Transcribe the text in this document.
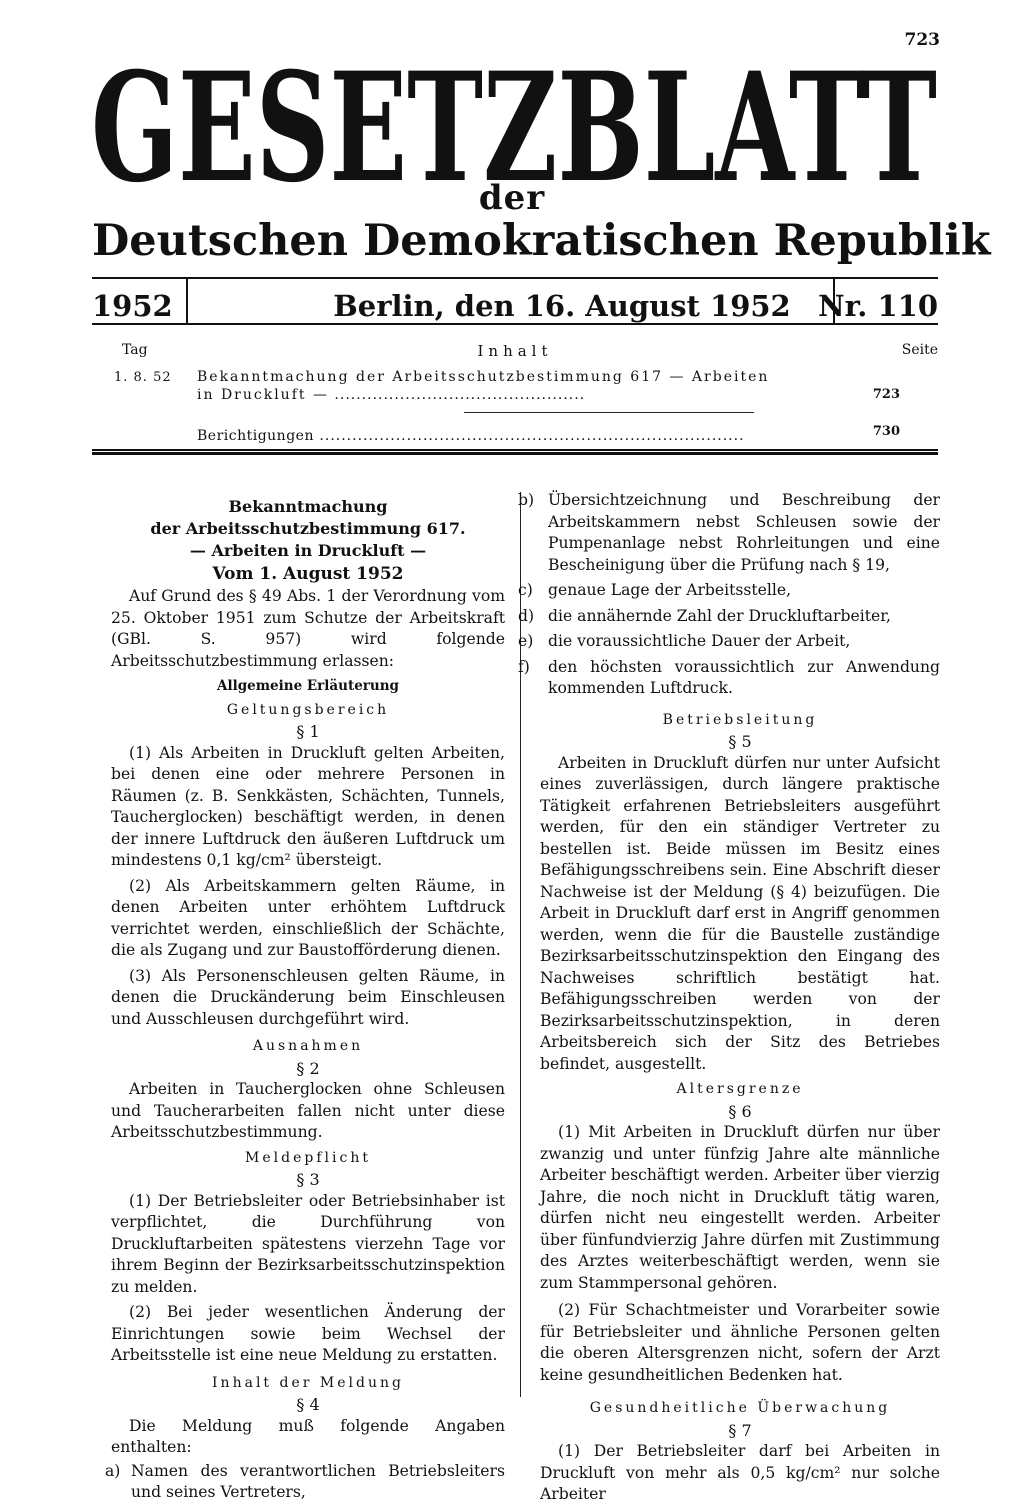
723
GESETZBLATT
der
Deutschen Demokratischen Republik
1952	Berlin, den 16. August 1952 Nr. 110
Tag	Inhalt	Seite
1. 8. 52 Bekanntmachung der Arbeitsschutzbestimmung 617 — Arbeiten
in Druckluft — ..............................................	723
Berichtigungen ..............................................................................	730
Bekanntmachung
der Arbeitsschutzbestimmung 617.
— Arbeiten in Druckluft —
Vom 1. August 1952

Auf Grund des § 49 Abs. 1 der Verordnung vom 25. Oktober 1951 zum Schutze der Arbeitskraft (GBl. S. 957) wird folgende Arbeitsschutzbestimmung erlassen:

Allgemeine Erläuterung
Geltungsbereich
§ 1

(1) Als Arbeiten in Druckluft gelten Arbeiten, bei denen eine oder mehrere Personen in Räumen (z. B. Senkkästen, Schächten, Tunnels, Taucherglocken) beschäftigt werden, in denen der innere Luftdruck den äußeren Luftdruck um mindestens 0,1 kg/cm² übersteigt.

(2) Als Arbeitskammern gelten Räume, in denen Arbeiten unter erhöhtem Luftdruck verrichtet werden, einschließlich der Schächte, die als Zugang und zur Baustofförderung dienen.

(3) Als Personenschleusen gelten Räume, in denen die Druckänderung beim Einschleusen und Ausschleusen durchgeführt wird.

Ausnahmen
§ 2

Arbeiten in Taucherglocken ohne Schleusen und Taucherarbeiten fallen nicht unter diese Arbeitsschutzbestimmung.

Meldepflicht
§ 3

(1) Der Betriebsleiter oder Betriebsinhaber ist verpflichtet, die Durchführung von Druckluftarbeiten spätestens vierzehn Tage vor ihrem Beginn der Bezirksarbeitsschutzinspektion zu melden.

(2) Bei jeder wesentlichen Änderung der Einrichtungen sowie beim Wechsel der Arbeitsstelle ist eine neue Meldung zu erstatten.

Inhalt der Meldung
§ 4

Die Meldung muß folgende Angaben enthalten:

a) Namen des verantwortlichen Betriebsleiters und seines Vertreters,
b) Übersichtzeichnung und Beschreibung der Arbeitskammern nebst Schleusen sowie der Pumpenanlage nebst Rohrleitungen und eine Bescheinigung über die Prüfung nach § 19,
c) genaue Lage der Arbeitsstelle,
d) die annähernde Zahl der Druckluftarbeiter,
e) die voraussichtliche Dauer der Arbeit,
f)	den höchsten voraussichtlich zur Anwendung kommenden Luftdruck.
Betriebsleitung
§ 5

Arbeiten in Druckluft dürfen nur unter Aufsicht eines zuverlässigen, durch längere praktische Tätigkeit erfahrenen Betriebsleiters ausgeführt werden, für den ein ständiger Vertreter zu bestellen ist. Beide müssen im Besitz eines Befähigungsschreibens sein. Eine Abschrift dieser Nachweise ist der Meldung (§ 4) beizufügen. Die Arbeit in Druckluft darf erst in Angriff genommen werden, wenn die für die Baustelle zuständige Bezirksarbeitsschutzinspektion den Eingang des Nachweises schriftlich bestätigt hat. Befähigungsschreiben werden von der Bezirksarbeitsschutzinspektion, in deren Arbeitsbereich sich der Sitz des Betriebes befindet, ausgestellt.

Altersgrenze
§ 6

(1) Mit Arbeiten in Druckluft dürfen nur über zwanzig und unter fünfzig Jahre alte männliche Arbeiter beschäftigt werden. Arbeiter über vierzig Jahre, die noch nicht in Druckluft tätig waren, dürfen nicht neu eingestellt werden. Arbeiter über fünfundvierzig Jahre dürfen mit Zustimmung des Arztes weiterbeschäftigt werden, wenn sie zum Stammpersonal gehören.

(2) Für Schachtmeister und Vorarbeiter sowie für Betriebsleiter und ähnliche Personen gelten die oberen Altersgrenzen nicht, sofern der Arzt keine gesundheitlichen Bedenken hat.

Gesundheitliche Überwachung
§ 7

(1) Der Betriebsleiter darf bei Arbeiten in Druckluft von mehr als 0,5 kg/cm² nur solche Arbeiter
